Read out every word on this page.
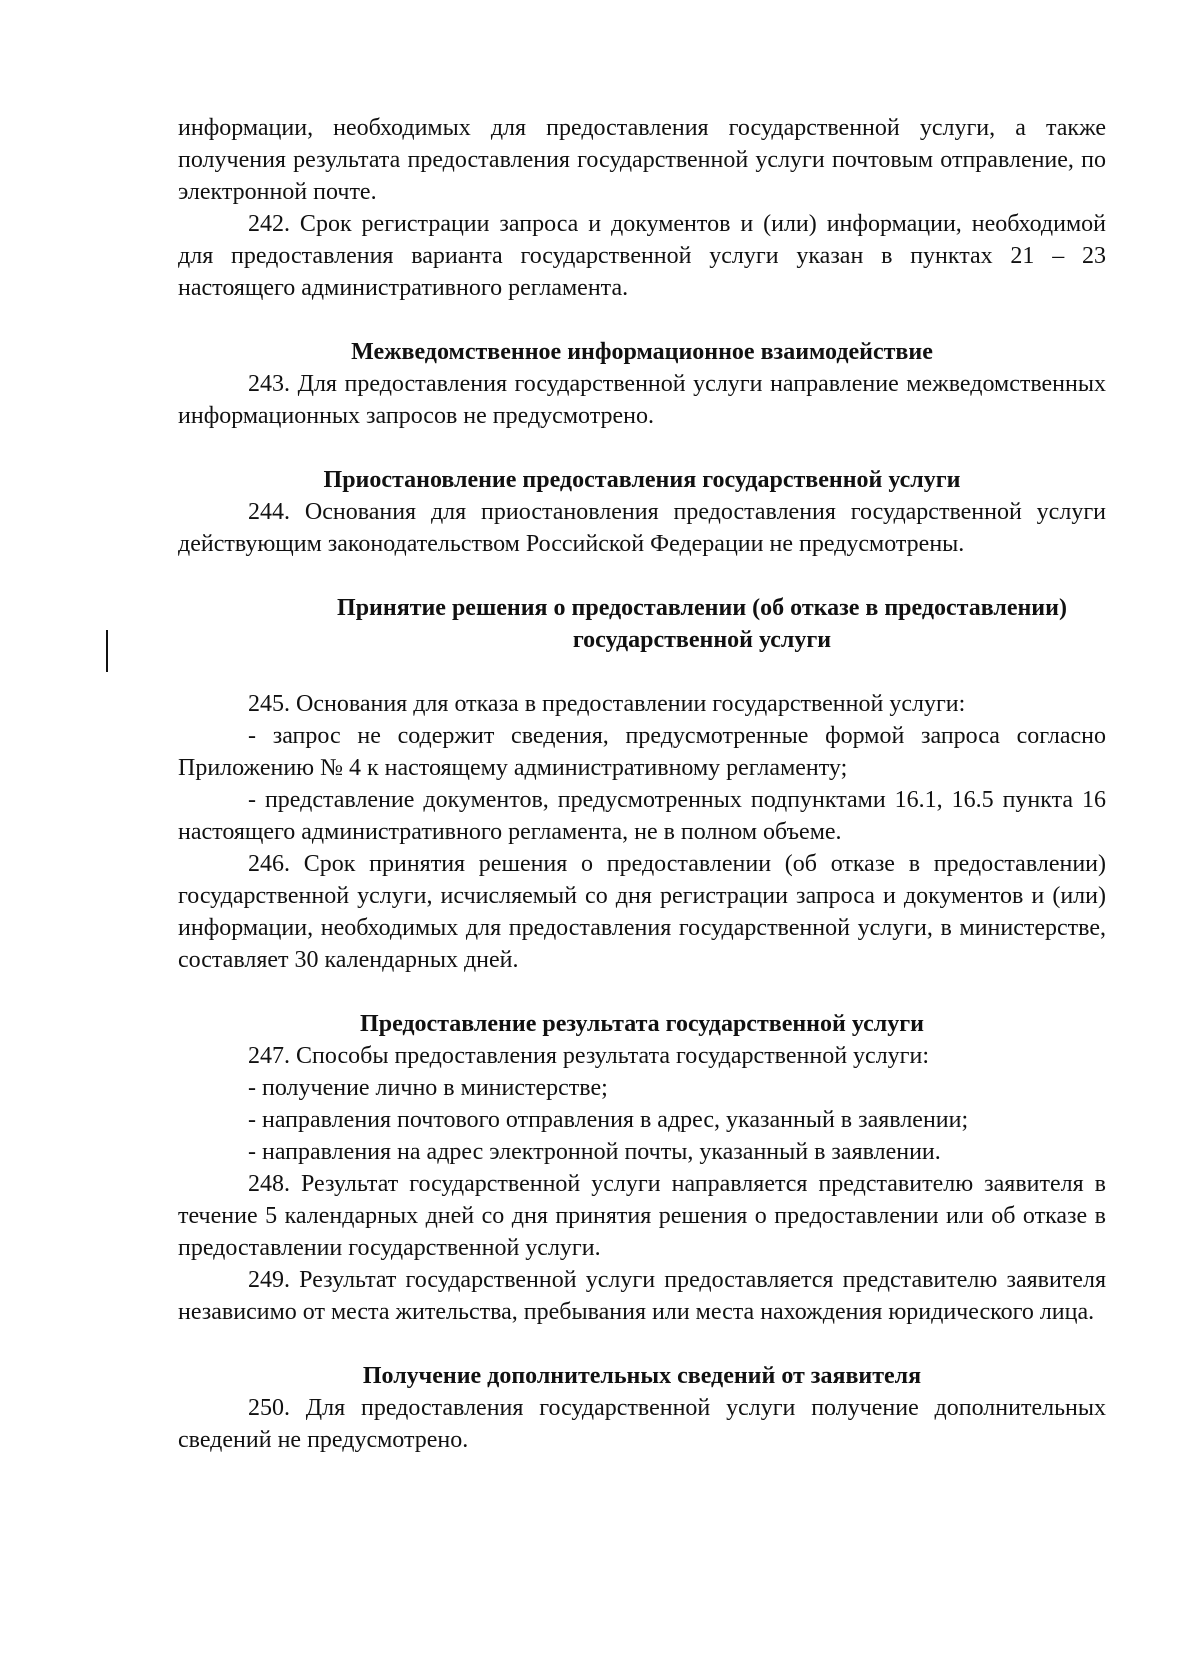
информации, необходимых для предоставления государственной услуги, а также получения результата предоставления государственной услуги почтовым отправление, по электронной почте.

242. Срок регистрации запроса и документов и (или) информации, необходимой для предоставления варианта государственной услуги указан в пунктах 21 – 23 настоящего административного регламента.

Межведомственное информационное взаимодействие

243. Для предоставления государственной услуги направление межведомственных информационных запросов не предусмотрено.

Приостановление предоставления государственной услуги

244. Основания для приостановления предоставления государственной услуги действующим законодательством Российской Федерации не предусмотрены.

Принятие решения о предоставлении (об отказе в предоставлении)
государственной услуги

245. Основания для отказа в предоставлении государственной услуги:

- запрос не содержит сведения, предусмотренные формой запроса согласно Приложению № 4 к настоящему административному регламенту;

- представление документов, предусмотренных подпунктами 16.1, 16.5 пункта 16 настоящего административного регламента, не в полном объеме.

246. Срок принятия решения о предоставлении (об отказе в предоставлении) государственной услуги, исчисляемый со дня регистрации запроса и документов и (или) информации, необходимых для предоставления государственной услуги, в министерстве, составляет 30 календарных дней.

Предоставление результата государственной услуги

247. Способы предоставления результата государственной услуги:

- получение лично в министерстве;

- направления почтового отправления в адрес, указанный в заявлении;

- направления на адрес электронной почты, указанный в заявлении.

248. Результат государственной услуги направляется представителю заявителя в течение 5 календарных дней со дня принятия решения о предоставлении или об отказе в предоставлении государственной услуги.

249. Результат государственной услуги предоставляется представителю заявителя независимо от места жительства, пребывания или места нахождения юридического лица.

Получение дополнительных сведений от заявителя

250. Для предоставления государственной услуги получение дополнительных сведений не предусмотрено.
